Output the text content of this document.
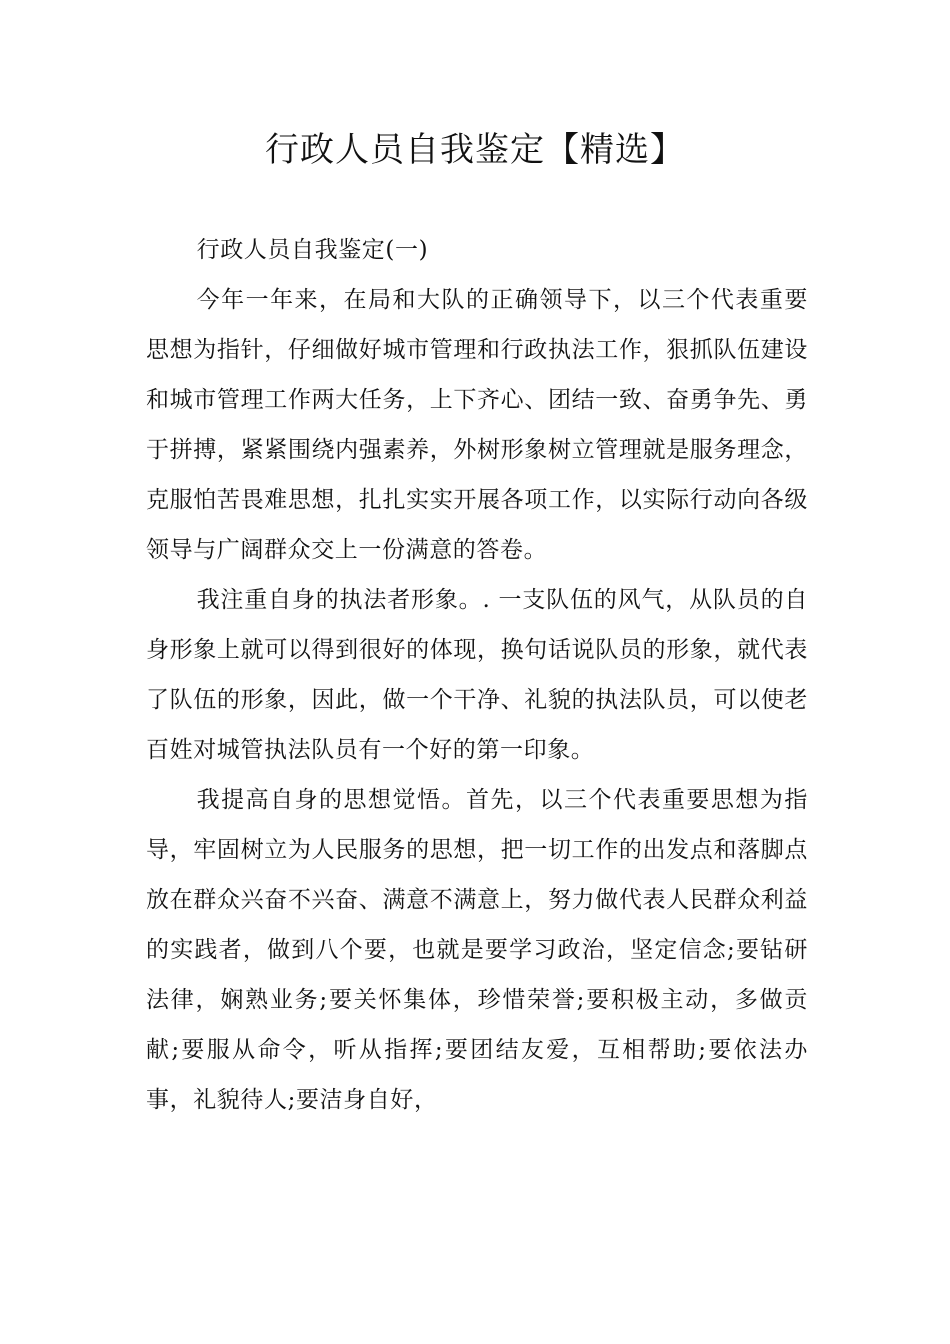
行政人员自我鉴定【精选】

行政人员自我鉴定(一)

今年一年来，在局和大队的正确领导下，以三个代表重要思想为指针，仔细做好城市管理和行政执法工作，狠抓队伍建设和城市管理工作两大任务，上下齐心、团结一致、奋勇争先、勇于拼搏，紧紧围绕内强素养，外树形象树立管理就是服务理念，克服怕苦畏难思想，扎扎实实开展各项工作，以实际行动向各级领导与广阔群众交上一份满意的答卷。

我注重自身的执法者形象。. 一支队伍的风气，从队员的自身形象上就可以得到很好的体现，换句话说队员的形象，就代表了队伍的形象，因此，做一个干净、礼貌的执法队员，可以使老百姓对城管执法队员有一个好的第一印象。

我提高自身的思想觉悟。首先，以三个代表重要思想为指导，牢固树立为人民服务的思想，把一切工作的出发点和落脚点放在群众兴奋不兴奋、满意不满意上，努力做代表人民群众利益的实践者，做到八个要，也就是要学习政治，坚定信念;要钻研法律，娴熟业务;要关怀集体，珍惜荣誉;要积极主动，多做贡献;要服从命令，听从指挥;要团结友爱，互相帮助;要依法办事，礼貌待人;要洁身自好，
